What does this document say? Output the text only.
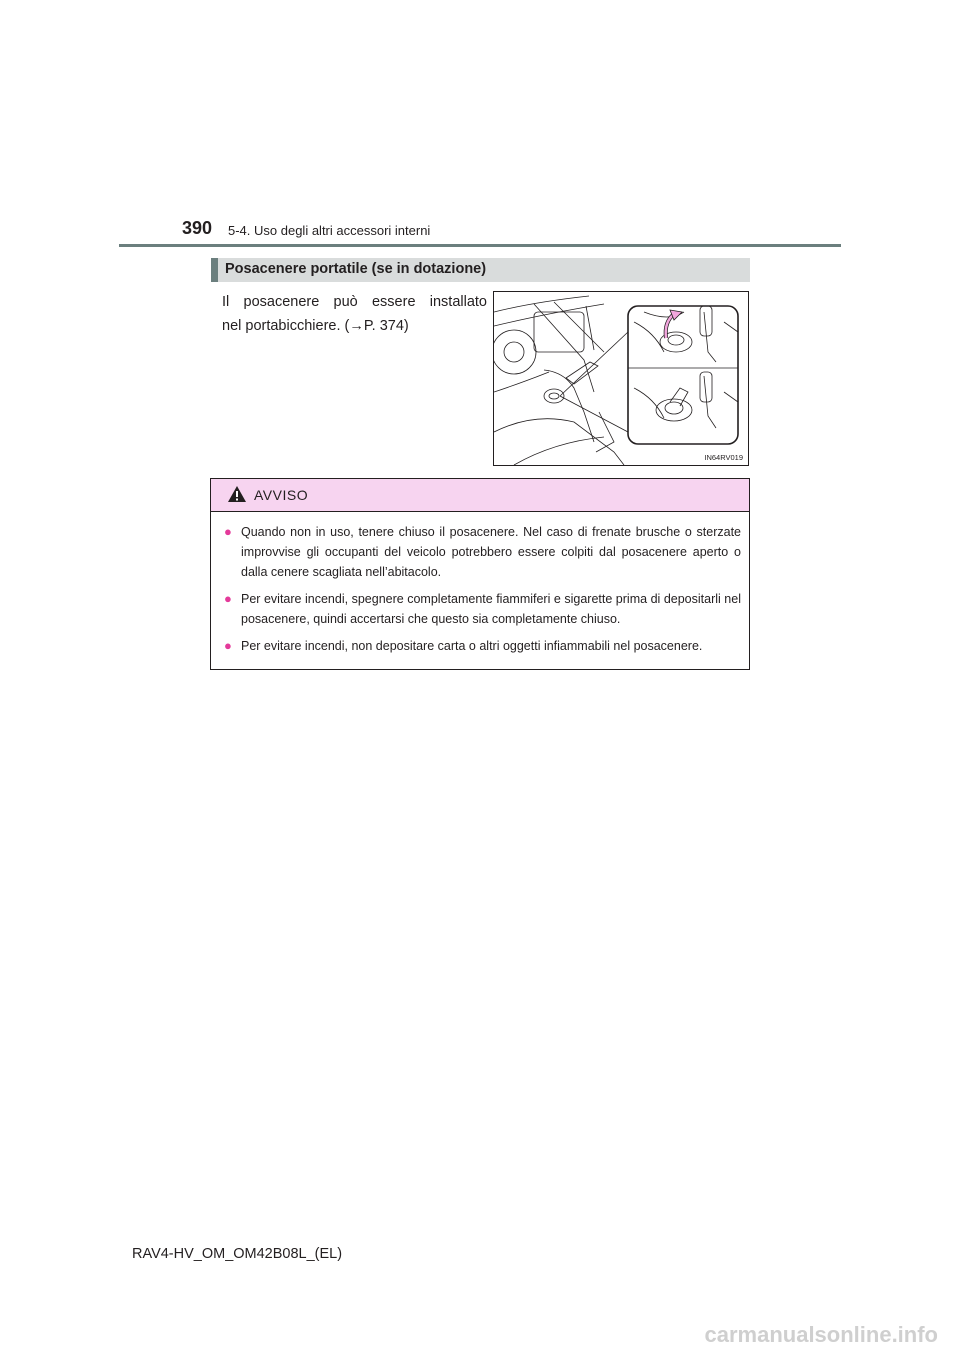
390 5-4. Uso degli altri accessori interni
Posacenere portatile (se in dotazione)
Il posacenere può essere installato
nel portabicchiere. (→P. 374)
IN64RV019
AVVISO
● Quando non in uso, tenere chiuso il posacenere. Nel caso di frenate brusche o sterzate improvvise gli occupanti del veicolo potrebbero essere colpiti dal posacenere aperto o dalla cenere scagliata nell’abitacolo.
● Per evitare incendi, spegnere completamente fiammiferi e sigarette prima di depositarli nel posacenere, quindi accertarsi che questo sia completamente chiuso.
● Per evitare incendi, non depositare carta o altri oggetti infiammabili nel posacenere.
RAV4-HV_OM_OM42B08L_(EL)
carmanualsonline.info
